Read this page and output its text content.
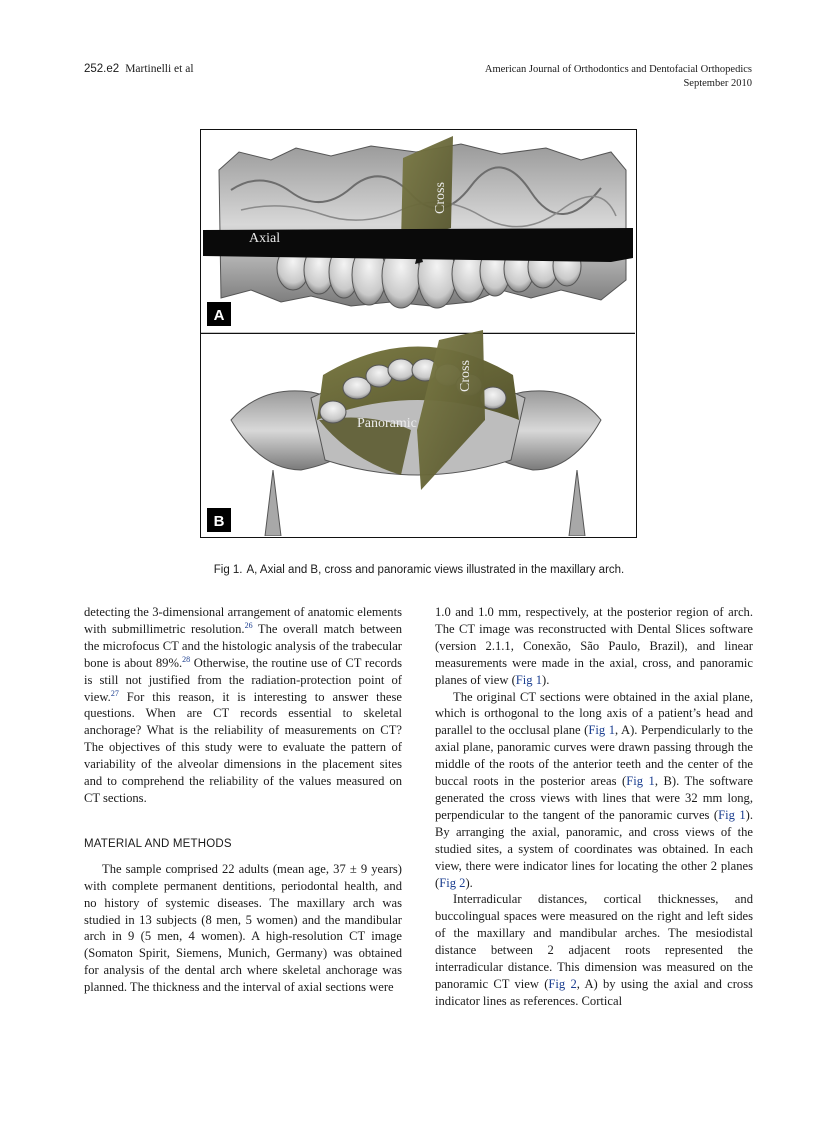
252.e2 Martinelli et al	American Journal of Orthodontics and Dentofacial Orthopedics
September 2010
Axial
Cross
A
Cross
Panoramic
B
Fig 1. A, Axial and B, cross and panoramic views illustrated in the maxillary arch.

detecting the 3-dimensional arrangement of anatomic elements with submillimetric resolution.$^{26}$ The overall match between the microfocus CT and the histologic analysis of the trabecular bone is about 89%.$^{28}$ Otherwise, the routine use of CT records is still not justified from the radiation-protection point of view.$^{27}$ For this reason, it is interesting to answer these questions. When are CT records essential to skeletal anchorage? What is the reliability of measurements on CT? The objectives of this study were to evaluate the pattern of variability of the alveolar dimensions in the placement sites and to comprehend the reliability of the values measured on CT sections.

MATERIAL AND METHODS

The sample comprised 22 adults (mean age, 37 ± 9 years) with complete permanent dentitions, periodontal health, and no history of systemic diseases. The maxillary arch was studied in 13 subjects (8 men, 5 women) and the mandibular arch in 9 (5 men, 4 women). A high-resolution CT image (Somaton Spirit, Siemens, Munich, Germany) was obtained for analysis of the dental arch where skeletal anchorage was planned. The thickness and the interval of axial sections were

1.0 and 1.0 mm, respectively, at the posterior region of arch. The CT image was reconstructed with Dental Slices software (version 2.1.1, Conexão, São Paulo, Brazil), and linear measurements were made in the axial, cross, and panoramic planes of view (Fig 1).

The original CT sections were obtained in the axial plane, which is orthogonal to the long axis of a patient’s head and parallel to the occlusal plane (Fig 1, A). Perpendicularly to the axial plane, panoramic curves were drawn passing through the middle of the roots of the anterior teeth and the center of the buccal roots in the posterior areas (Fig 1, B). The software generated the cross views with lines that were 32 mm long, perpendicular to the tangent of the panoramic curves (Fig 1). By arranging the axial, panoramic, and cross views of the studied sites, a system of coordinates was obtained. In each view, there were indicator lines for locating the other 2 planes (Fig 2).

Interradicular distances, cortical thicknesses, and buccolingual spaces were measured on the right and left sides of the maxillary and mandibular arches. The mesiodistal distance between 2 adjacent roots represented the interradicular distance. This dimension was measured on the panoramic CT view (Fig 2, A) by using the axial and cross indicator lines as references. Cortical
